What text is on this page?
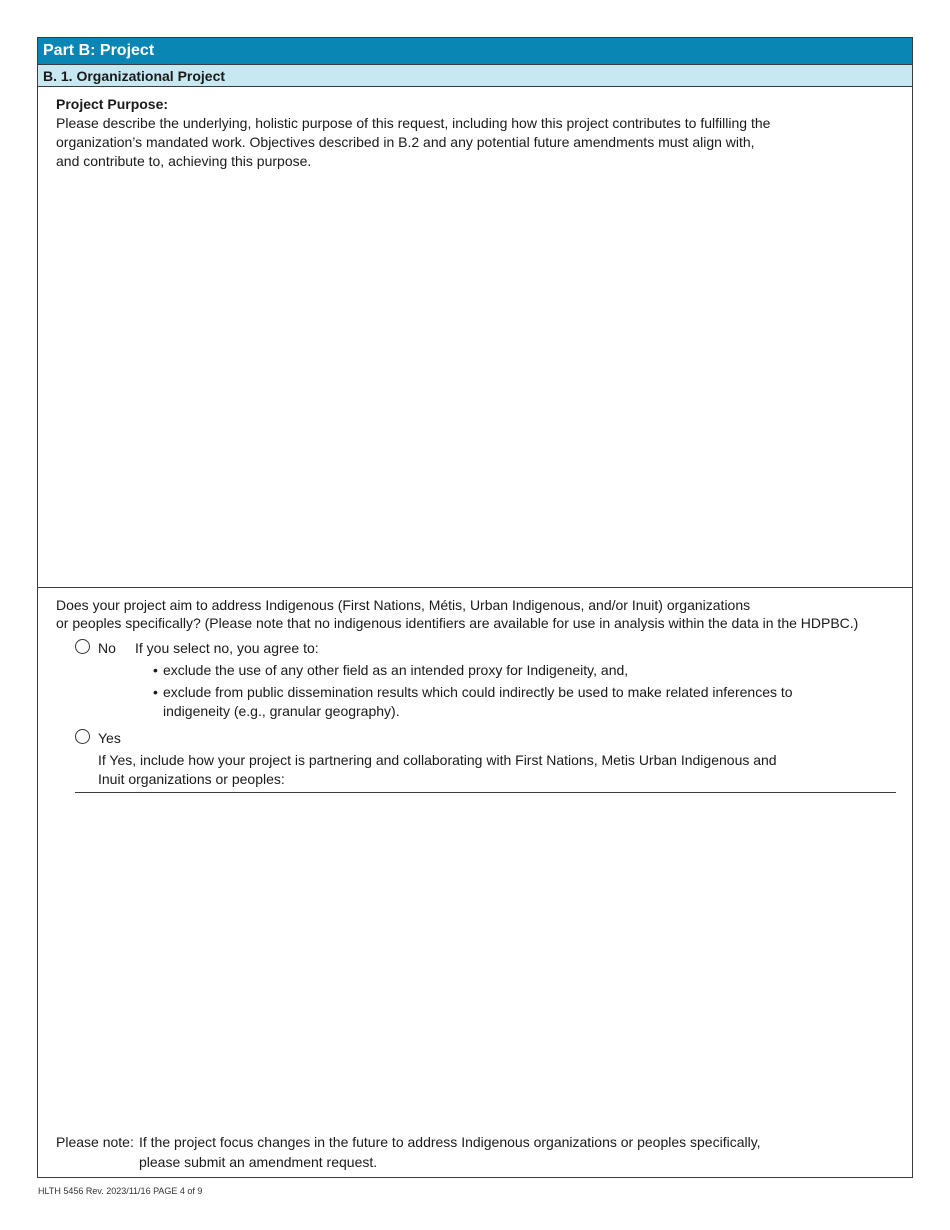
Part B: Project
B. 1. Organizational Project
Project Purpose:
Please describe the underlying, holistic purpose of this request, including how this project contributes to fulfilling the
organization’s mandated work. Objectives described in B.2 and any potential future amendments must align with,
and contribute to, achieving this purpose.
Does your project aim to address Indigenous (First Nations, Métis, Urban Indigenous, and/or Inuit) organizations
or peoples specifically? (Please note that no indigenous identifiers are available for use in analysis within the data in the HDPBC.)
No If you select no, you agree to:
• exclude the use of any other field as an intended proxy for Indigeneity, and,
• exclude from public dissemination results which could indirectly be used to make related inferences to
indigeneity (e.g., granular geography).
Yes
If Yes, include how your project is partnering and collaborating with First Nations, Metis Urban Indigenous and
Inuit organizations or peoples:
Please note: If the project focus changes in the future to address Indigenous organizations or peoples specifically,
please submit an amendment request.
HLTH 5456 Rev. 2023/11/16 PAGE 4 of 9
